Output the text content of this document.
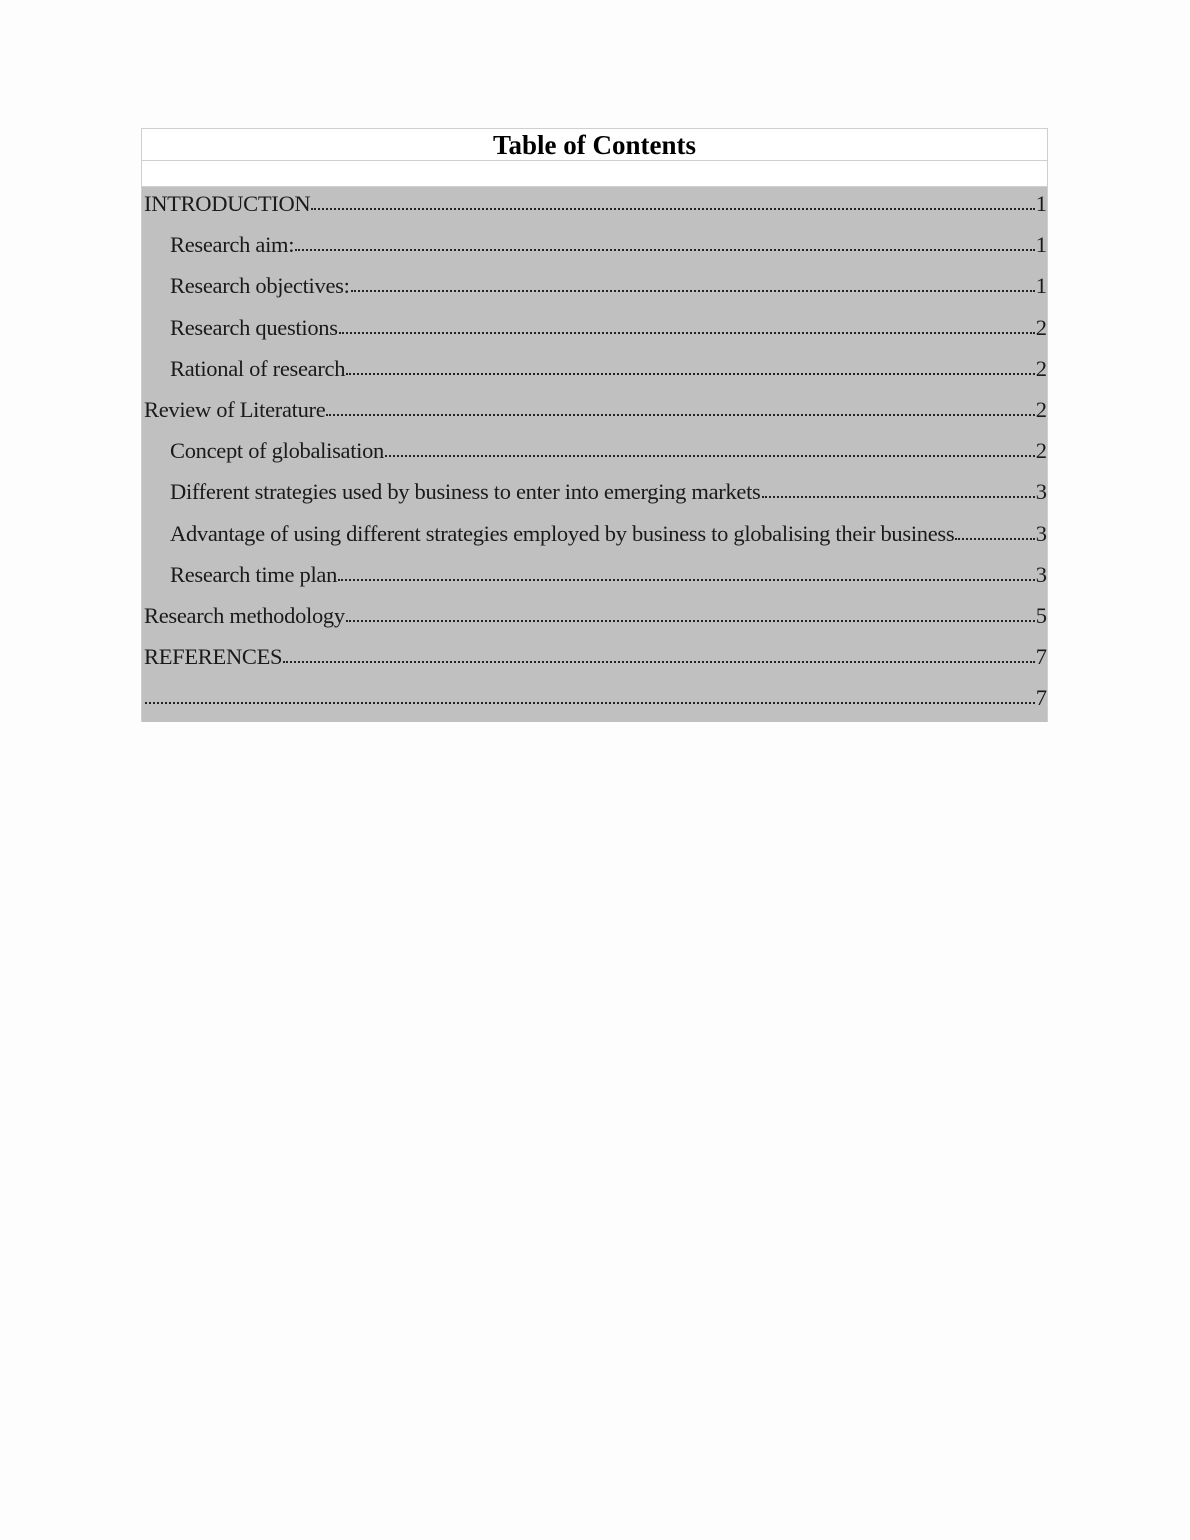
Table of Contents
INTRODUCTION	1
Research aim:	1
Research objectives:	1
Research questions	2
Rational of research	2
Review of Literature	2
Concept of globalisation	2
Different strategies used by business to enter into emerging markets	3
Advantage of using different strategies employed by business to globalising their business	3
Research time plan	3
Research methodology	5
REFERENCES	7
7
